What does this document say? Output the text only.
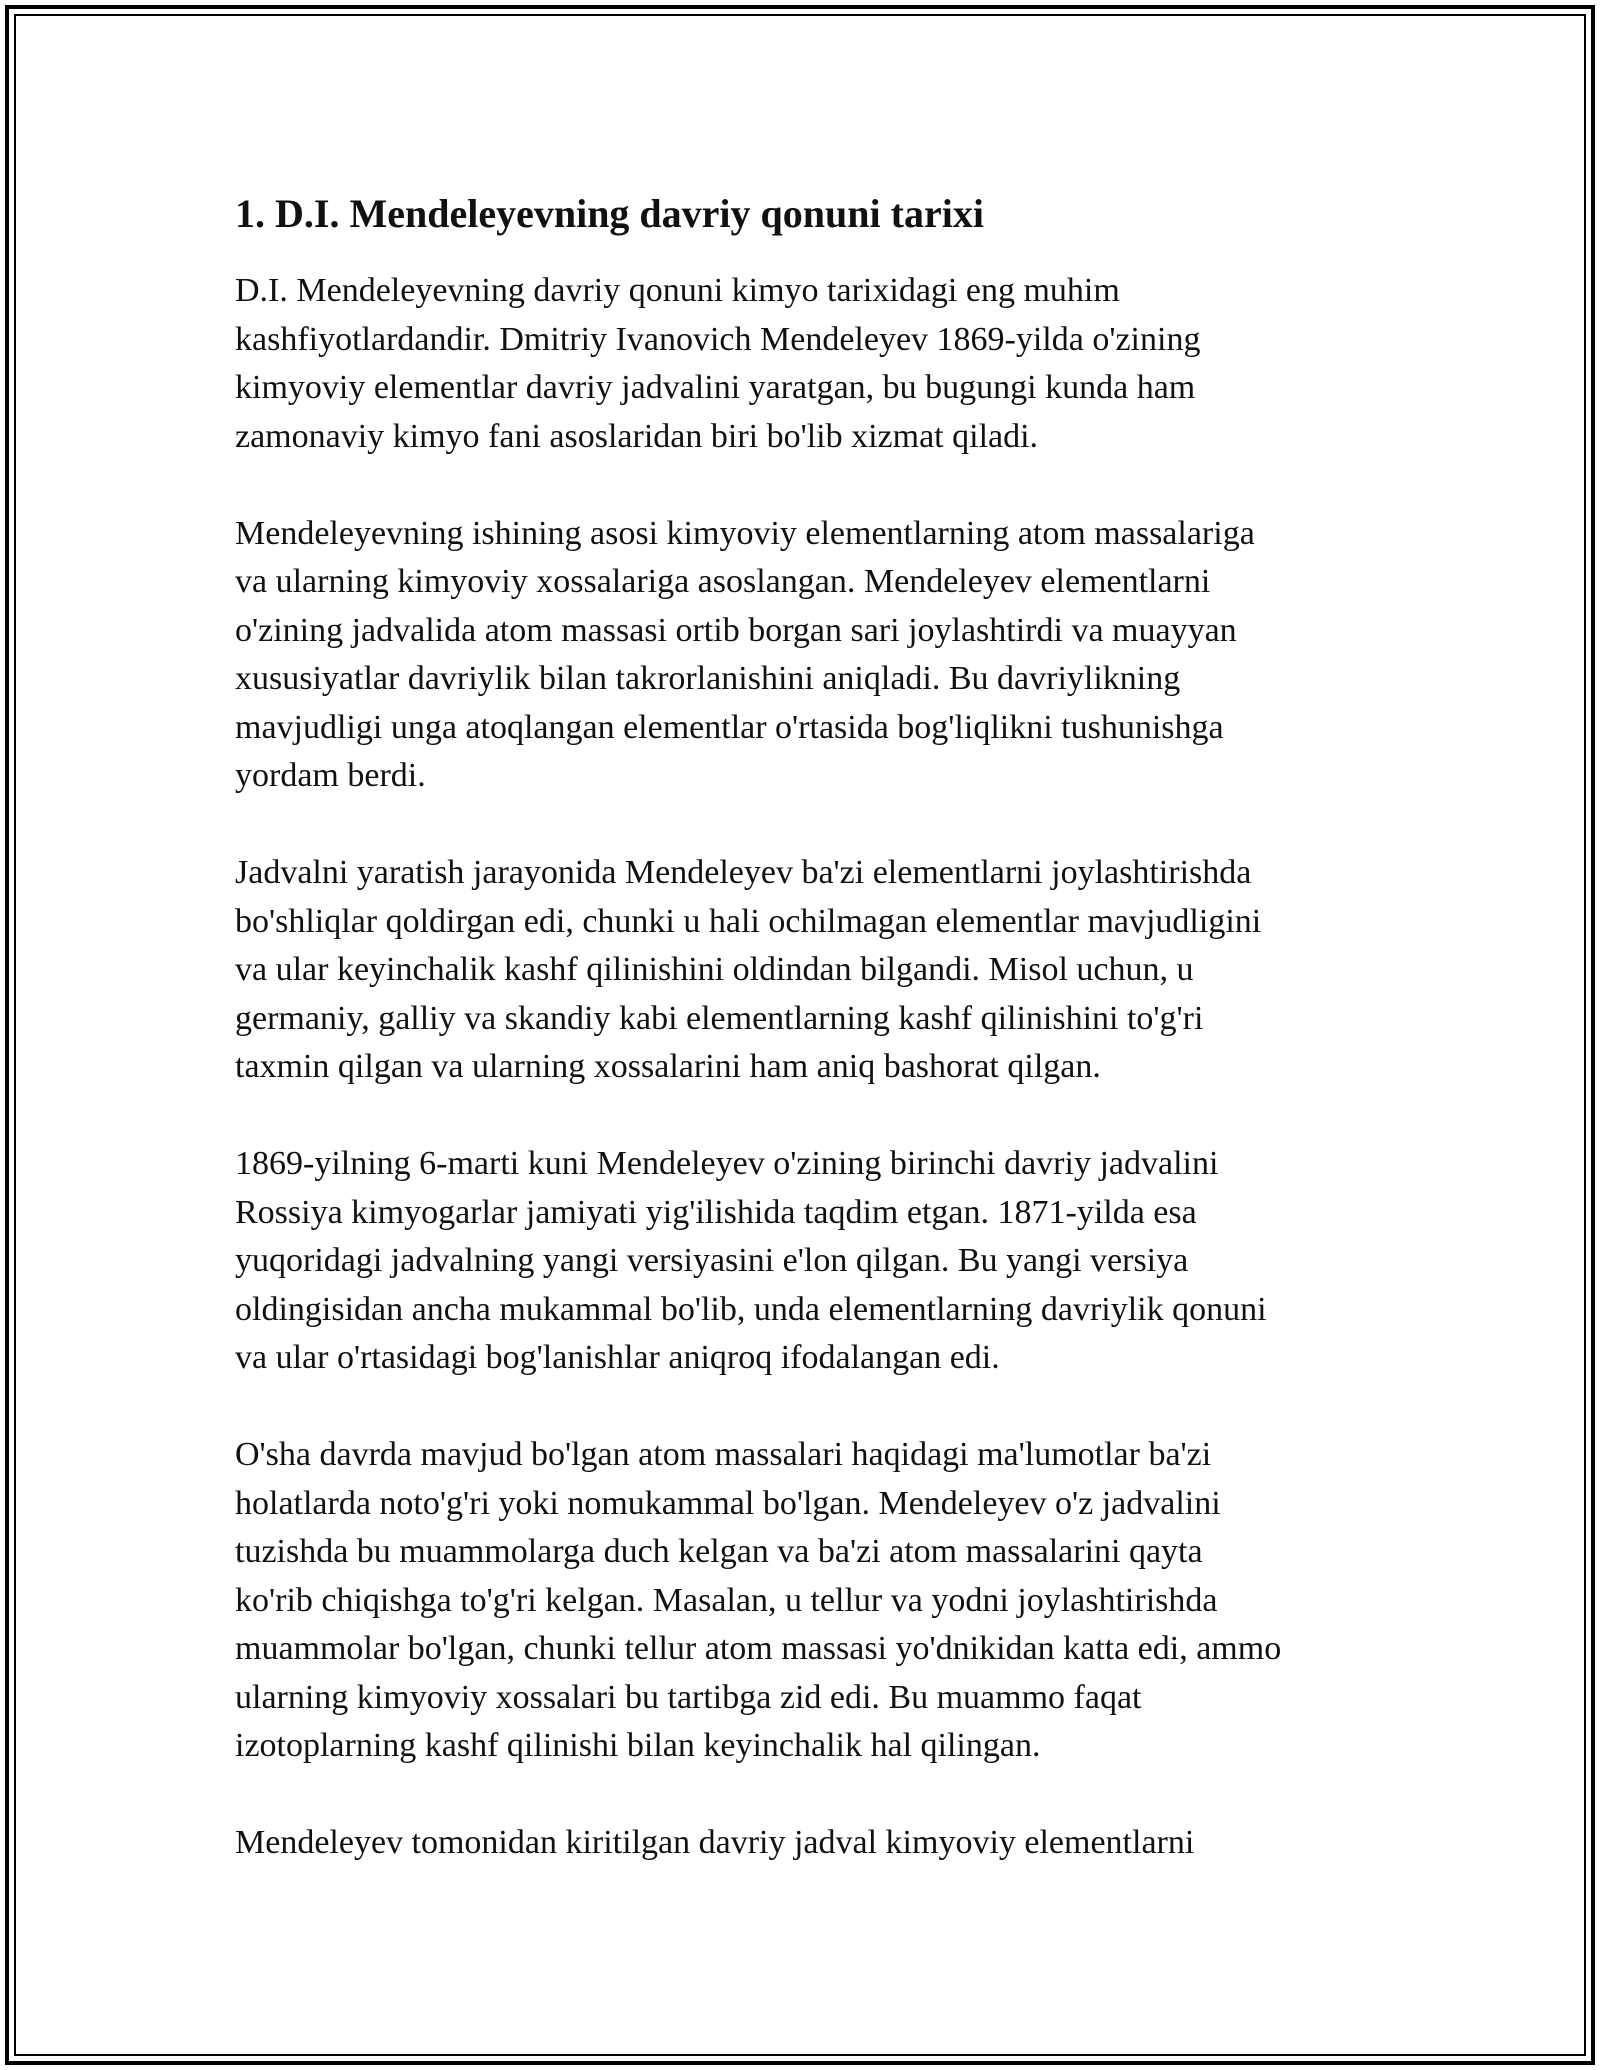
1. D.I. Mendeleyevning davriy qonuni tarixi

D.I. Mendeleyevning davriy qonuni kimyo tarixidagi eng muhim
kashfiyotlardandir. Dmitriy Ivanovich Mendeleyev 1869-yilda o'zining
kimyoviy elementlar davriy jadvalini yaratgan, bu bugungi kunda ham
zamonaviy kimyo fani asoslaridan biri bo'lib xizmat qiladi.

Mendeleyevning ishining asosi kimyoviy elementlarning atom massalariga
va ularning kimyoviy xossalariga asoslangan. Mendeleyev elementlarni
o'zining jadvalida atom massasi ortib borgan sari joylashtirdi va muayyan
xususiyatlar davriylik bilan takrorlanishini aniqladi. Bu davriylikning
mavjudligi unga atoqlangan elementlar o'rtasida bog'liqlikni tushunishga
yordam berdi.

Jadvalni yaratish jarayonida Mendeleyev ba'zi elementlarni joylashtirishda
bo'shliqlar qoldirgan edi, chunki u hali ochilmagan elementlar mavjudligini
va ular keyinchalik kashf qilinishini oldindan bilgandi. Misol uchun, u
germaniy, galliy va skandiy kabi elementlarning kashf qilinishini to'g'ri
taxmin qilgan va ularning xossalarini ham aniq bashorat qilgan.

1869-yilning 6-marti kuni Mendeleyev o'zining birinchi davriy jadvalini
Rossiya kimyogarlar jamiyati yig'ilishida taqdim etgan. 1871-yilda esa
yuqoridagi jadvalning yangi versiyasini e'lon qilgan. Bu yangi versiya
oldingisidan ancha mukammal bo'lib, unda elementlarning davriylik qonuni
va ular o'rtasidagi bog'lanishlar aniqroq ifodalangan edi.

O'sha davrda mavjud bo'lgan atom massalari haqidagi ma'lumotlar ba'zi
holatlarda noto'g'ri yoki nomukammal bo'lgan. Mendeleyev o'z jadvalini
tuzishda bu muammolarga duch kelgan va ba'zi atom massalarini qayta
ko'rib chiqishga to'g'ri kelgan. Masalan, u tellur va yodni joylashtirishda
muammolar bo'lgan, chunki tellur atom massasi yo'dnikidan katta edi, ammo
ularning kimyoviy xossalari bu tartibga zid edi. Bu muammo faqat
izotoplarning kashf qilinishi bilan keyinchalik hal qilingan.

Mendeleyev tomonidan kiritilgan davriy jadval kimyoviy elementlarni
